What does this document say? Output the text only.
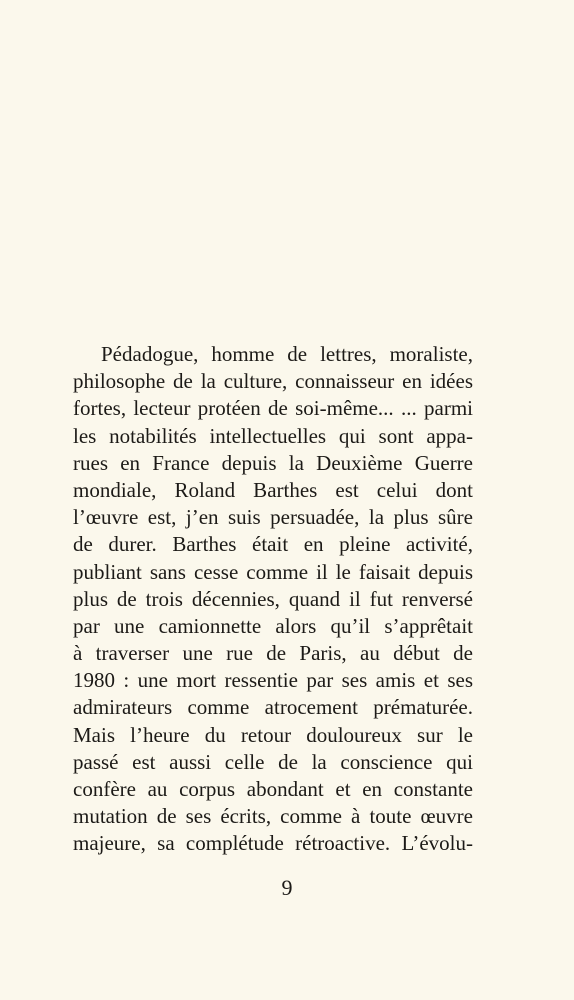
Pédadogue, homme de lettres, moraliste,
philosophe de la culture, connaisseur en idées
fortes, lecteur protéen de soi-même... ... parmi
les notabilités intellectuelles qui sont appa-
rues en France depuis la Deuxième Guerre
mondiale, Roland Barthes est celui dont
l’œuvre est, j’en suis persuadée, la plus sûre
de durer. Barthes était en pleine activité,
publiant sans cesse comme il le faisait depuis
plus de trois décennies, quand il fut renversé
par une camionnette alors qu’il s’apprêtait
à traverser une rue de Paris, au début de
1980 : une mort ressentie par ses amis et ses
admirateurs comme atrocement prématurée.
Mais l’heure du retour douloureux sur le
passé est aussi celle de la conscience qui
confère au corpus abondant et en constante
mutation de ses écrits, comme à toute œuvre
majeure, sa complétude rétroactive. L’évolu-
9
